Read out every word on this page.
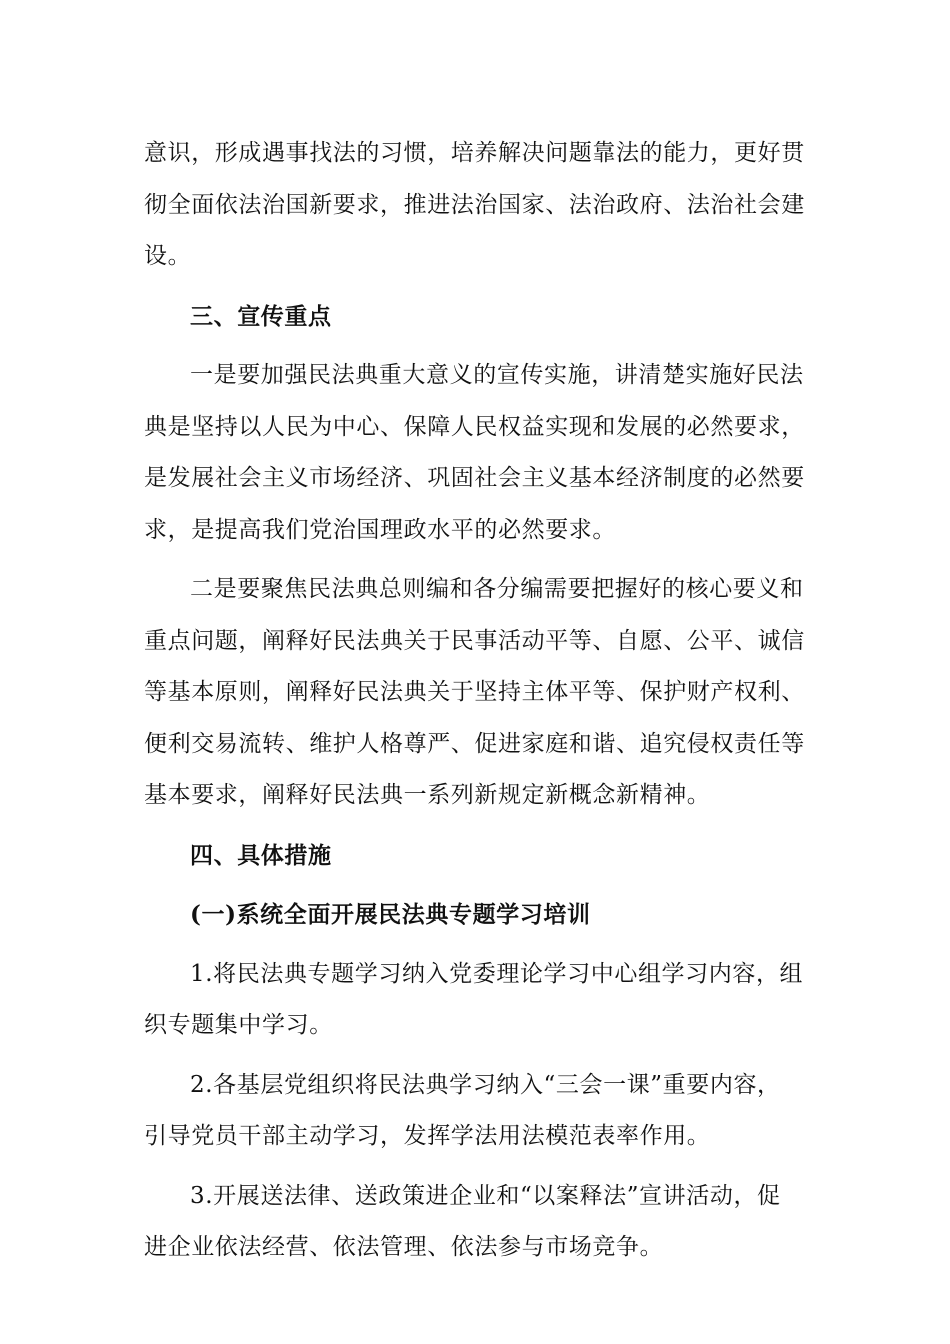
意识，形成遇事找法的习惯，培养解决问题靠法的能力，更好贯
彻全面依法治国新要求，推进法治国家、法治政府、法治社会建
设。
三、宣传重点
一是要加强民法典重大意义的宣传实施，讲清楚实施好民法
典是坚持以人民为中心、保障人民权益实现和发展的必然要求，
是发展社会主义市场经济、巩固社会主义基本经济制度的必然要
求，是提高我们党治国理政水平的必然要求。
二是要聚焦民法典总则编和各分编需要把握好的核心要义和
重点问题，阐释好民法典关于民事活动平等、自愿、公平、诚信
等基本原则，阐释好民法典关于坚持主体平等、保护财产权利、
便利交易流转、维护人格尊严、促进家庭和谐、追究侵权责任等
基本要求，阐释好民法典一系列新规定新概念新精神。
四、具体措施
(一)系统全面开展民法典专题学习培训
1.将民法典专题学习纳入党委理论学习中心组学习内容，组
织专题集中学习。
2.各基层党组织将民法典学习纳入“三会一课”重要内容，
引导党员干部主动学习，发挥学法用法模范表率作用。
3.开展送法律、送政策进企业和“以案释法”宣讲活动，促
进企业依法经营、依法管理、依法参与市场竞争。
